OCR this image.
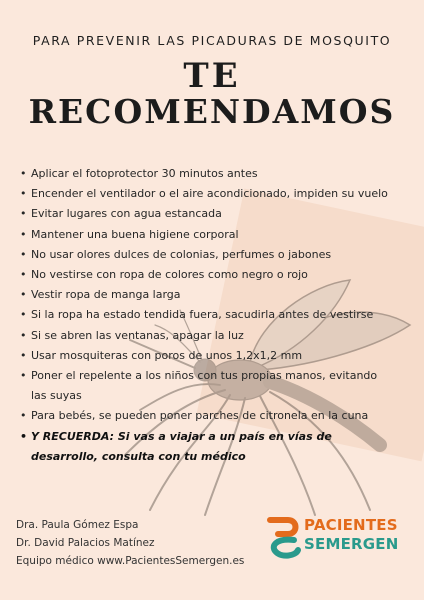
PARA PREVENIR LAS PICADURAS DE MOSQUITO
TE
RECOMENDAMOS
• Aplicar el fotoprotector 30 minutos antes
• Encender el ventilador o el aire acondicionado, impiden su vuelo
• Evitar lugares con agua estancada
• Mantener una buena higiene corporal
• No usar olores dulces de colonias, perfumes o jabones
• No vestirse con ropa de colores como negro o rojo
• Vestir ropa de manga larga
• Si la ropa ha estado tendida fuera, sacudirla antes de vestirse
• Si se abren las ventanas, apagar la luz
• Usar mosquiteras con poros de unos 1,2x1,2 mm
• Poner el repelente a los niños con tus propias manos, evitando las suyas
• Para bebés, se pueden poner parches de citronela en la cuna
• Y RECUERDA: Si vas a viajar a un país en vías de desarrollo, consulta con tu médico
Dra. Paula Gómez Espa
Dr. David Palacios Matínez
Equipo médico www.PacientesSemergen.es
PACIENTES
SEMERGEN
